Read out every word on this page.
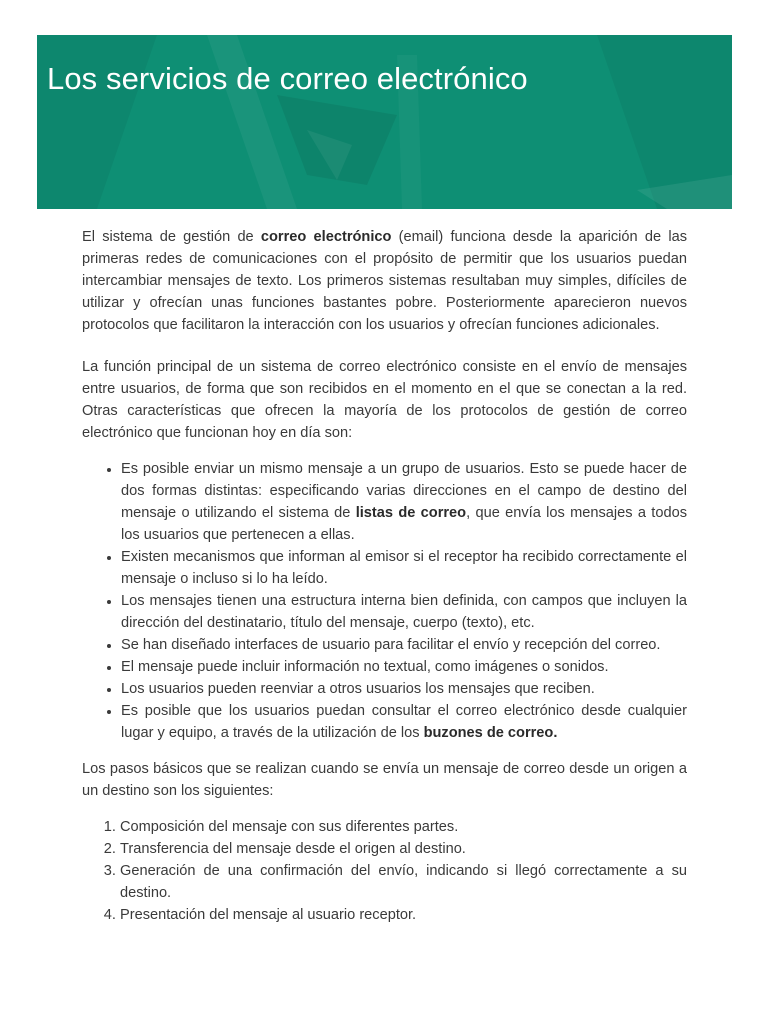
Los servicios de correo electrónico

El sistema de gestión de correo electrónico (email) funciona desde la aparición de las primeras redes de comunicaciones con el propósito de permitir que los usuarios puedan intercambiar mensajes de texto. Los primeros sistemas resultaban muy simples, difíciles de utilizar y ofrecían unas funciones bastantes pobre. Posteriormente aparecieron nuevos protocolos que facilitaron la interacción con los usuarios y ofrecían funciones adicionales.

La función principal de un sistema de correo electrónico consiste en el envío de mensajes entre usuarios, de forma que son recibidos en el momento en el que se conectan a la red. Otras características que ofrecen la mayoría de los protocolos de gestión de correo electrónico que funcionan hoy en día son:

• Es posible enviar un mismo mensaje a un grupo de usuarios. Esto se puede hacer de dos formas distintas: especificando varias direcciones en el campo de destino del mensaje o utilizando el sistema de listas de correo, que envía los mensajes a todos los usuarios que pertenecen a ellas.
• Existen mecanismos que informan al emisor si el receptor ha recibido correctamente el mensaje o incluso si lo ha leído.
• Los mensajes tienen una estructura interna bien definida, con campos que incluyen la dirección del destinatario, título del mensaje, cuerpo (texto), etc.
• Se han diseñado interfaces de usuario para facilitar el envío y recepción del correo.
• El mensaje puede incluir información no textual, como imágenes o sonidos.
• Los usuarios pueden reenviar a otros usuarios los mensajes que reciben.
• Es posible que los usuarios puedan consultar el correo electrónico desde cualquier lugar y equipo, a través de la utilización de los buzones de correo.

Los pasos básicos que se realizan cuando se envía un mensaje de correo desde un origen a un destino son los siguientes:

1. Composición del mensaje con sus diferentes partes.
2. Transferencia del mensaje desde el origen al destino.
3. Generación de una confirmación del envío, indicando si llegó correctamente a su destino.
4. Presentación del mensaje al usuario receptor.
